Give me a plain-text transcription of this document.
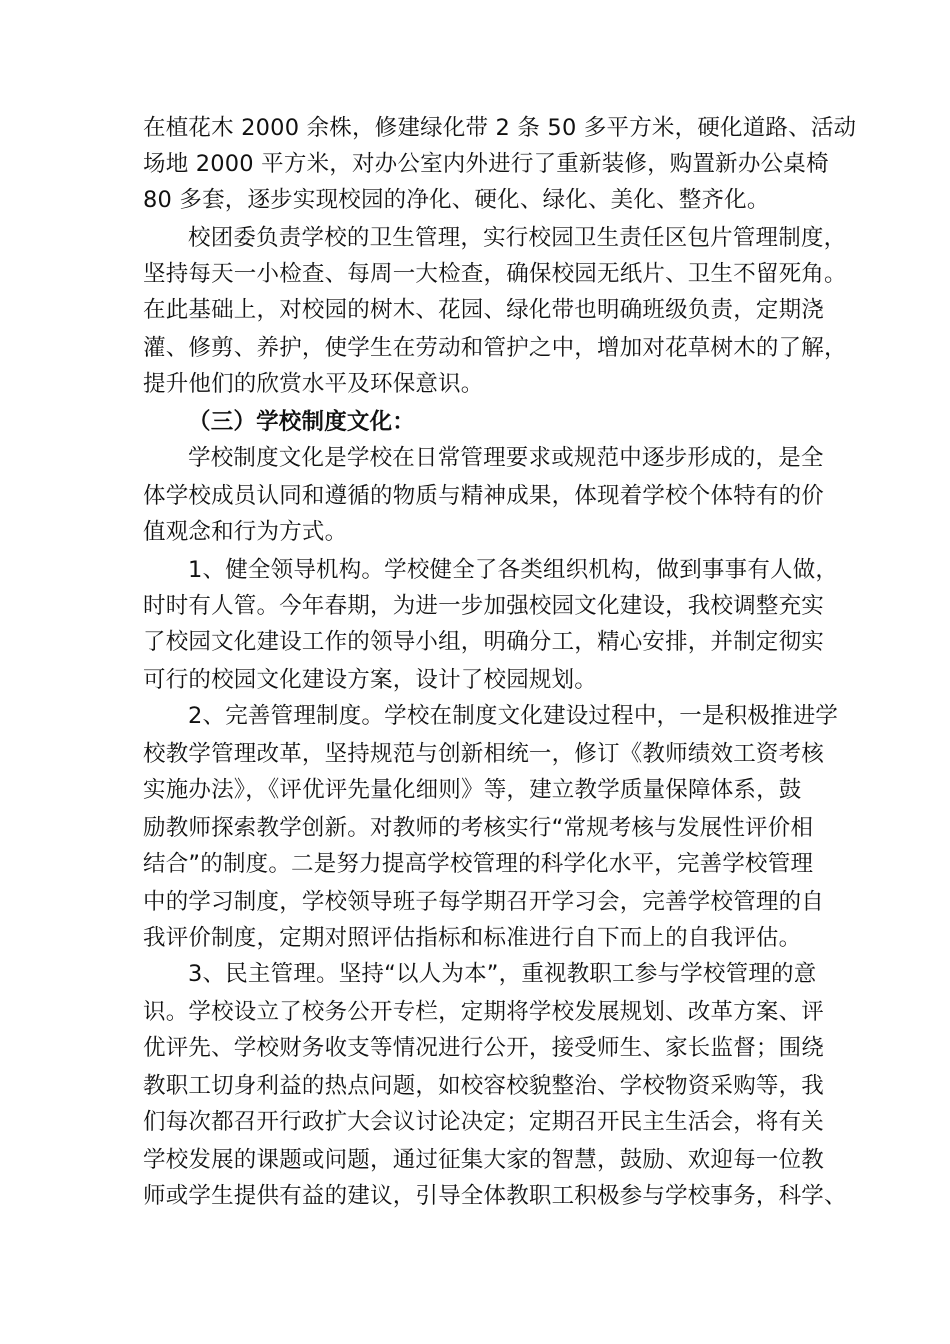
在植花木 2000 余株，修建绿化带 2 条 50 多平方米，硬化道路、活动
场地 2000 平方米，对办公室内外进行了重新装修，购置新办公桌椅
80 多套，逐步实现校园的净化、硬化、绿化、美化、整齐化。
校团委负责学校的卫生管理，实行校园卫生责任区包片管理制度，
坚持每天一小检查、每周一大检查，确保校园无纸片、卫生不留死角。
在此基础上，对校园的树木、花园、绿化带也明确班级负责，定期浇
灌、修剪、养护，使学生在劳动和管护之中，增加对花草树木的了解，
提升他们的欣赏水平及环保意识。
（三）学校制度文化：
学校制度文化是学校在日常管理要求或规范中逐步形成的，是全
体学校成员认同和遵循的物质与精神成果，体现着学校个体特有的价
值观念和行为方式。
1、健全领导机构。学校健全了各类组织机构，做到事事有人做，
时时有人管。今年春期，为进一步加强校园文化建设，我校调整充实
了校园文化建设工作的领导小组，明确分工，精心安排，并制定彻实
可行的校园文化建设方案，设计了校园规划。
2、完善管理制度。学校在制度文化建设过程中，一是积极推进学
校教学管理改革，坚持规范与创新相统一，修订《教师绩效工资考核
实施办法》，《评优评先量化细则》等，建立教学质量保障体系，鼓
励教师探索教学创新。对教师的考核实行“常规考核与发展性评价相
结合”的制度。二是努力提高学校管理的科学化水平，完善学校管理
中的学习制度，学校领导班子每学期召开学习会，完善学校管理的自
我评价制度，定期对照评估指标和标准进行自下而上的自我评估。
3、民主管理。坚持“以人为本”，重视教职工参与学校管理的意
识。学校设立了校务公开专栏，定期将学校发展规划、改革方案、评
优评先、学校财务收支等情况进行公开，接受师生、家长监督；围绕
教职工切身利益的热点问题，如校容校貌整治、学校物资采购等，我
们每次都召开行政扩大会议讨论决定；定期召开民主生活会，将有关
学校发展的课题或问题，通过征集大家的智慧，鼓励、欢迎每一位教
师或学生提供有益的建议，引导全体教职工积极参与学校事务，科学、
